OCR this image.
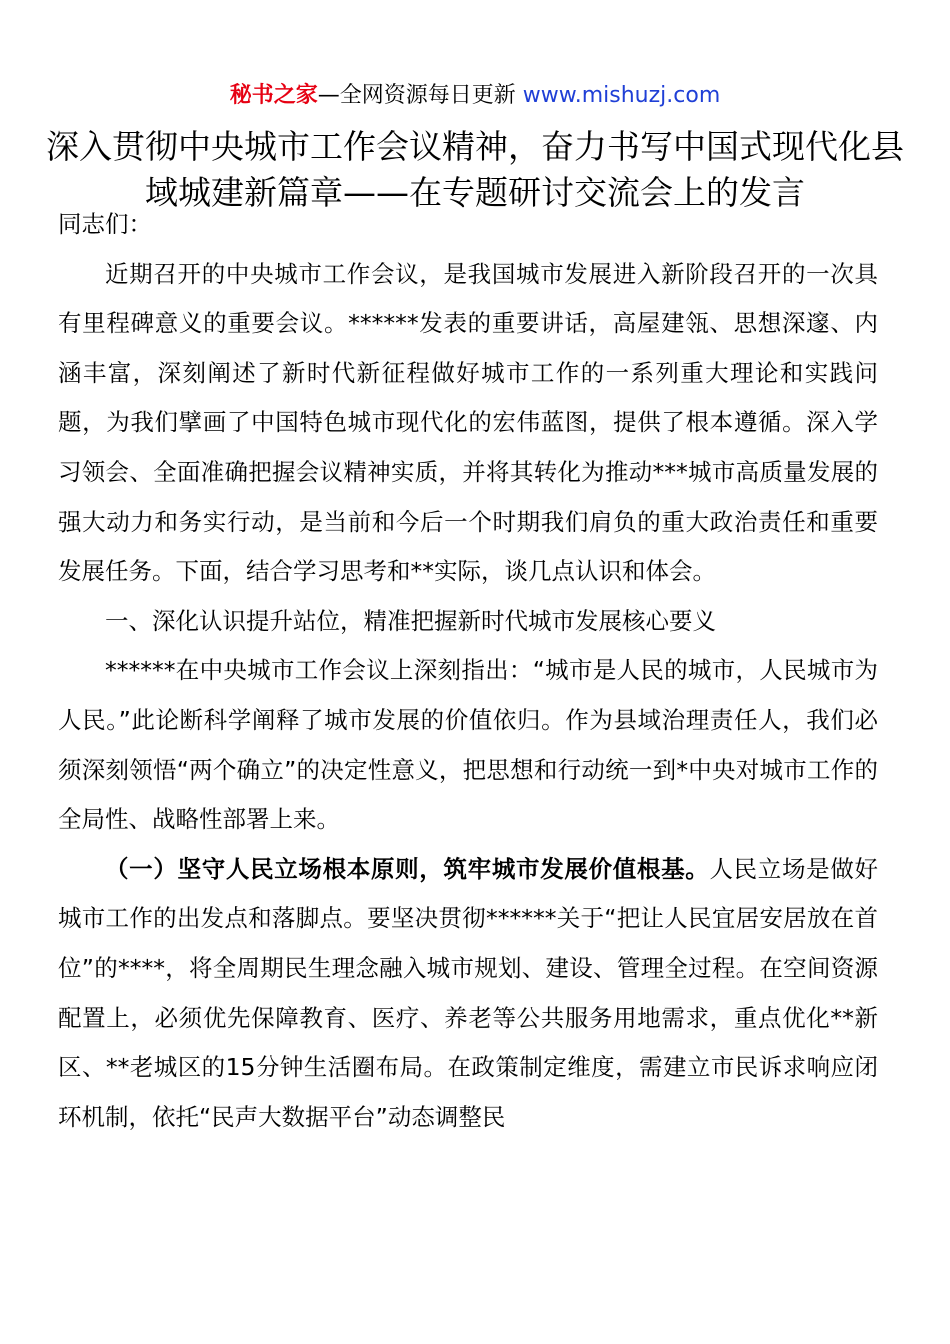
秘书之家—全网资源每日更新 www.mishuzj.com
深入贯彻中央城市工作会议精神，奋力书写中国式现代化县域城建新篇章——在专题研讨交流会上的发言

同志们：

近期召开的中央城市工作会议，是我国城市发展进入新阶段召开的一次具有里程碑意义的重要会议。******发表的重要讲话，高屋建瓴、思想深邃、内涵丰富，深刻阐述了新时代新征程做好城市工作的一系列重大理论和实践问题，为我们擘画了中国特色城市现代化的宏伟蓝图，提供了根本遵循。深入学习领会、全面准确把握会议精神实质，并将其转化为推动***城市高质量发展的强大动力和务实行动，是当前和今后一个时期我们肩负的重大政治责任和重要发展任务。下面，结合学习思考和**实际，谈几点认识和体会。

一、深化认识提升站位，精准把握新时代城市发展核心要义

******在中央城市工作会议上深刻指出：“城市是人民的城市，人民城市为人民。”此论断科学阐释了城市发展的价值依归。作为县域治理责任人，我们必须深刻领悟“两个确立”的决定性意义，把思想和行动统一到*中央对城市工作的全局性、战略性部署上来。

（一）坚守人民立场根本原则，筑牢城市发展价值根基。人民立场是做好城市工作的出发点和落脚点。要坚决贯彻******关于“把让人民宜居安居放在首位”的****，将全周期民生理念融入城市规划、建设、管理全过程。在空间资源配置上，必须优先保障教育、医疗、养老等公共服务用地需求，重点优化**新区、**老城区的15分钟生活圈布局。在政策制定维度，需建立市民诉求响应闭环机制，依托“民声大数据平台”动态调整民
